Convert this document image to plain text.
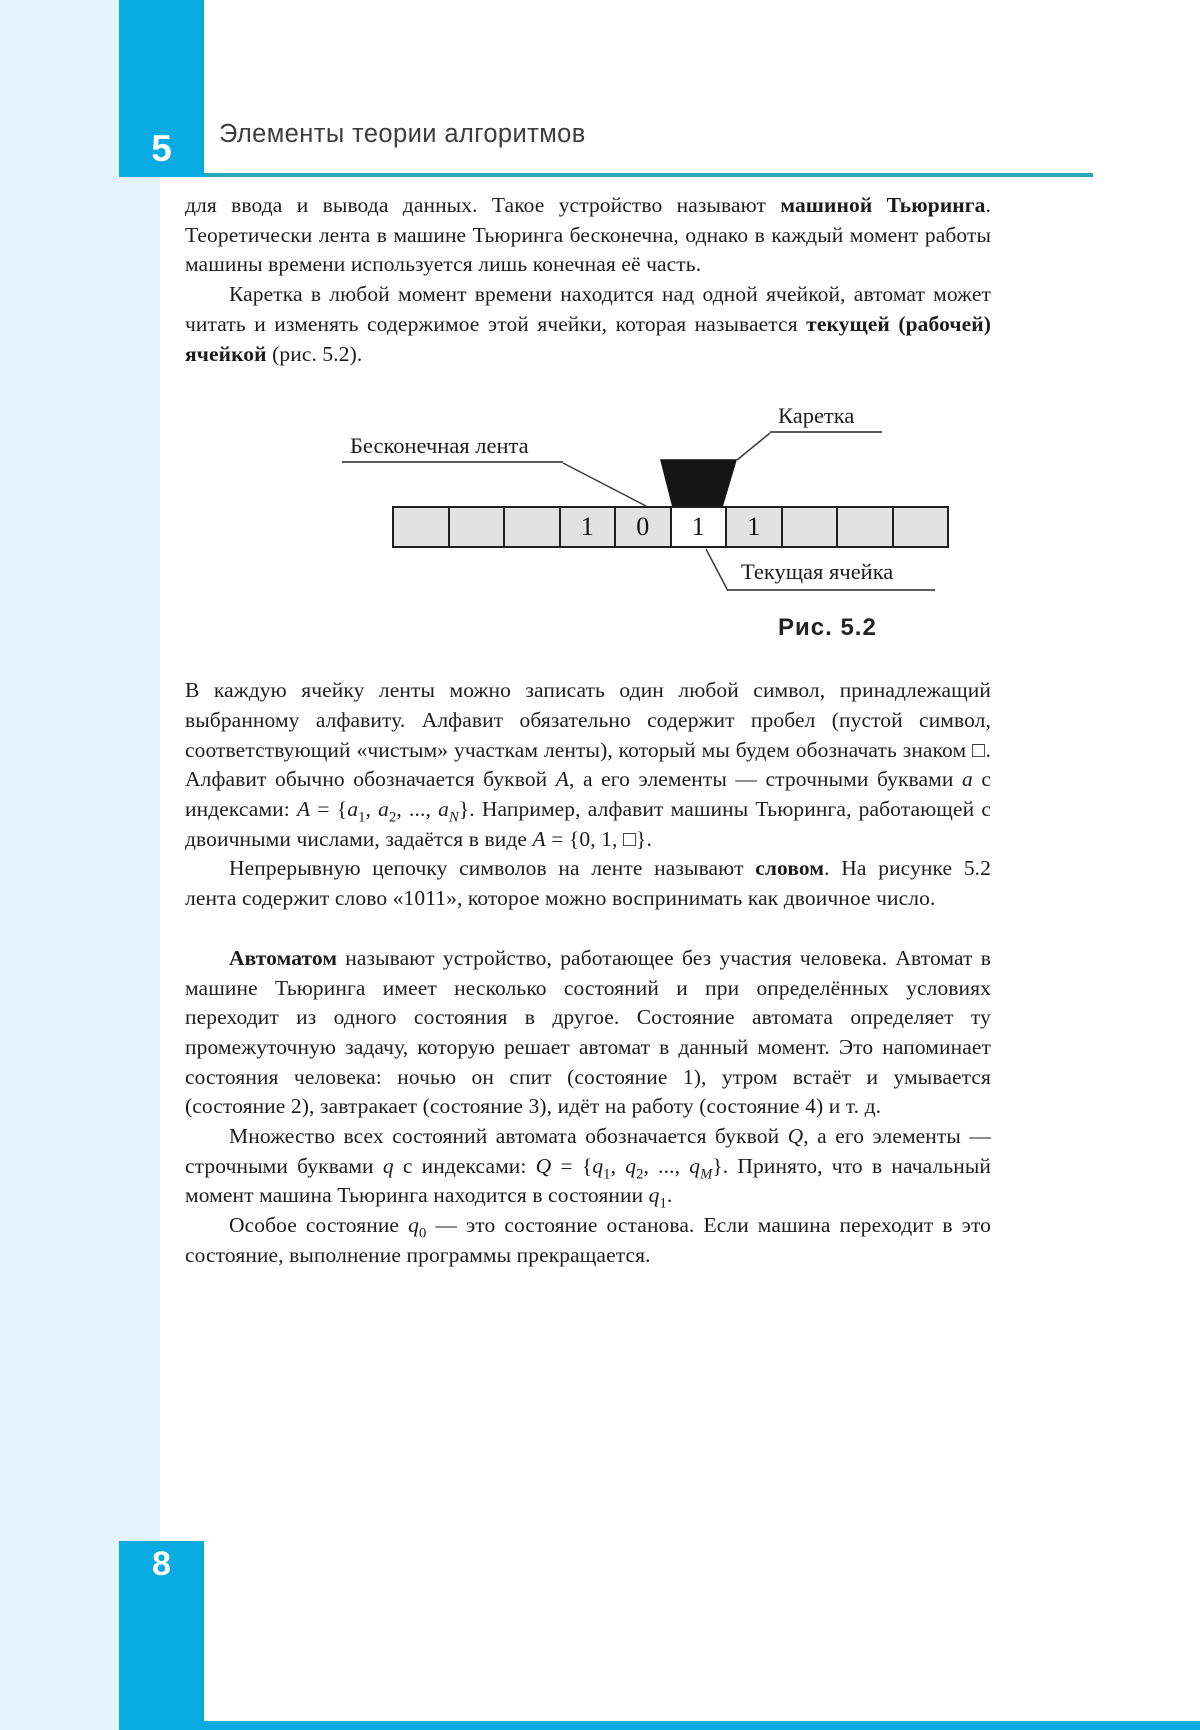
5 Элементы теории алгоритмов

для ввода и вывода данных. Такое устройство называют машиной Тьюринга. Теоретически лента в машине Тьюринга бесконечна, однако в каждый момент работы машины времени используется лишь конечная её часть.

Каретка в любой момент времени находится над одной ячейкой, автомат может читать и изменять содержимое этой ячейки, которая называется текущей (рабочей) ячейкой (рис. 5.2).

Каретка
Бесконечная лента
1	0	1	1
Текущая ячейка
Рис. 5.2

В каждую ячейку ленты можно записать один любой символ, принадлежащий выбранному алфавиту. Алфавит обязательно содержит пробел (пустой символ, соответствующий «чистым» участкам ленты), который мы будем обозначать знаком □. Алфавит обычно обозначается буквой A, а его элементы — строчными буквами a с индексами: $A = \{a_1$, $a_2$, ..., $a_N$}. Например, алфавит машины Тьюринга, работающей с двоичными числами, задаётся в виде A = {0, 1, □}.

Непрерывную цепочку символов на ленте называют словом. На рисунке 5.2 лента содержит слово «1011», которое можно воспринимать как двоичное число.

Автоматом называют устройство, работающее без участия человека. Автомат в машине Тьюринга имеет несколько состояний и при определённых условиях переходит из одного состояния в другое. Состояние автомата определяет ту промежуточную задачу, которую решает автомат в данный момент. Это напоминает состояния человека: ночью он спит (состояние 1), утром встаёт и умывается (состояние 2), завтракает (состояние 3), идёт на работу (состояние 4) и т. д.

Множество всех состояний автомата обозначается буквой Q, а его элементы — строчными буквами q с индексами: $Q = \{q_1$, $q_2$, ..., $q_M$}. Принято, что в начальный момент машина Тьюринга находится в состоянии $q_1$.

Особое состояние $q_0$ — это состояние останова. Если машина переходит в это состояние, выполнение программы прекращается.

8
